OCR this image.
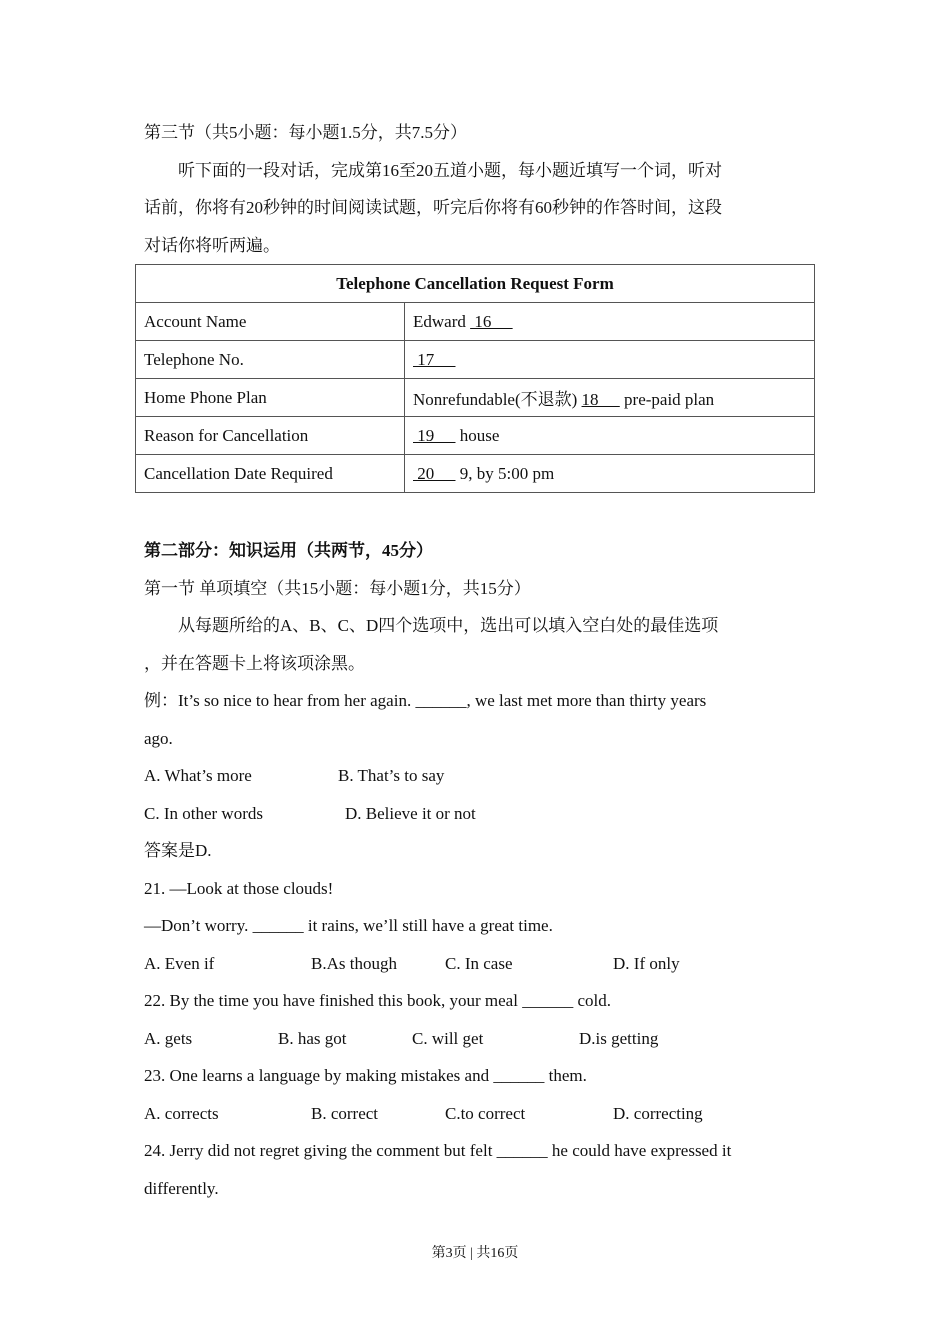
第三节（共5小题：每小题1.5分，共7.5分）
听下面的一段对话，完成第16至20五道小题，每小题近填写一个词，听对
话前，你将有20秒钟的时间阅读试题，听完后你将有60秒钟的作答时间，这段
对话你将听两遍。
Telephone Cancellation Request Form	
Account Name	Edward  16
Telephone No.	17
Home Phone Plan	Nonrefundable(不退款) 18      pre-paid plan
Reason for Cancellation	19      house
Cancellation Date Required	20      9, by 5:00 pm
第二部分：知识运用（共两节，45分）
第一节 单项填空（共15小题：每小题1分，共15分）
从每题所给的A、B、C、D四个选项中，选出可以填入空白处的最佳选项
，并在答题卡上将该项涂黑。
例：It’s so nice to hear from her again. ______, we last met more than thirty years
ago.
A. What’s more	B. That’s to say
C. In other words	D. Believe it or not
答案是D.
21. —Look at those clouds!
—Don’t worry. ______ it rains, we’ll still have a great time.
A. Even if	B.As though	C. In case	D. If only
22. By the time you have finished this book, your meal ______ cold.
A. gets	B. has got	C. will get	D.is getting
23. One learns a language by making mistakes and ______ them.
A. corrects	B. correct	C.to correct	D. correcting
24. Jerry did not regret giving the comment but felt ______ he could have expressed it
differently.
第3页 | 共16页
